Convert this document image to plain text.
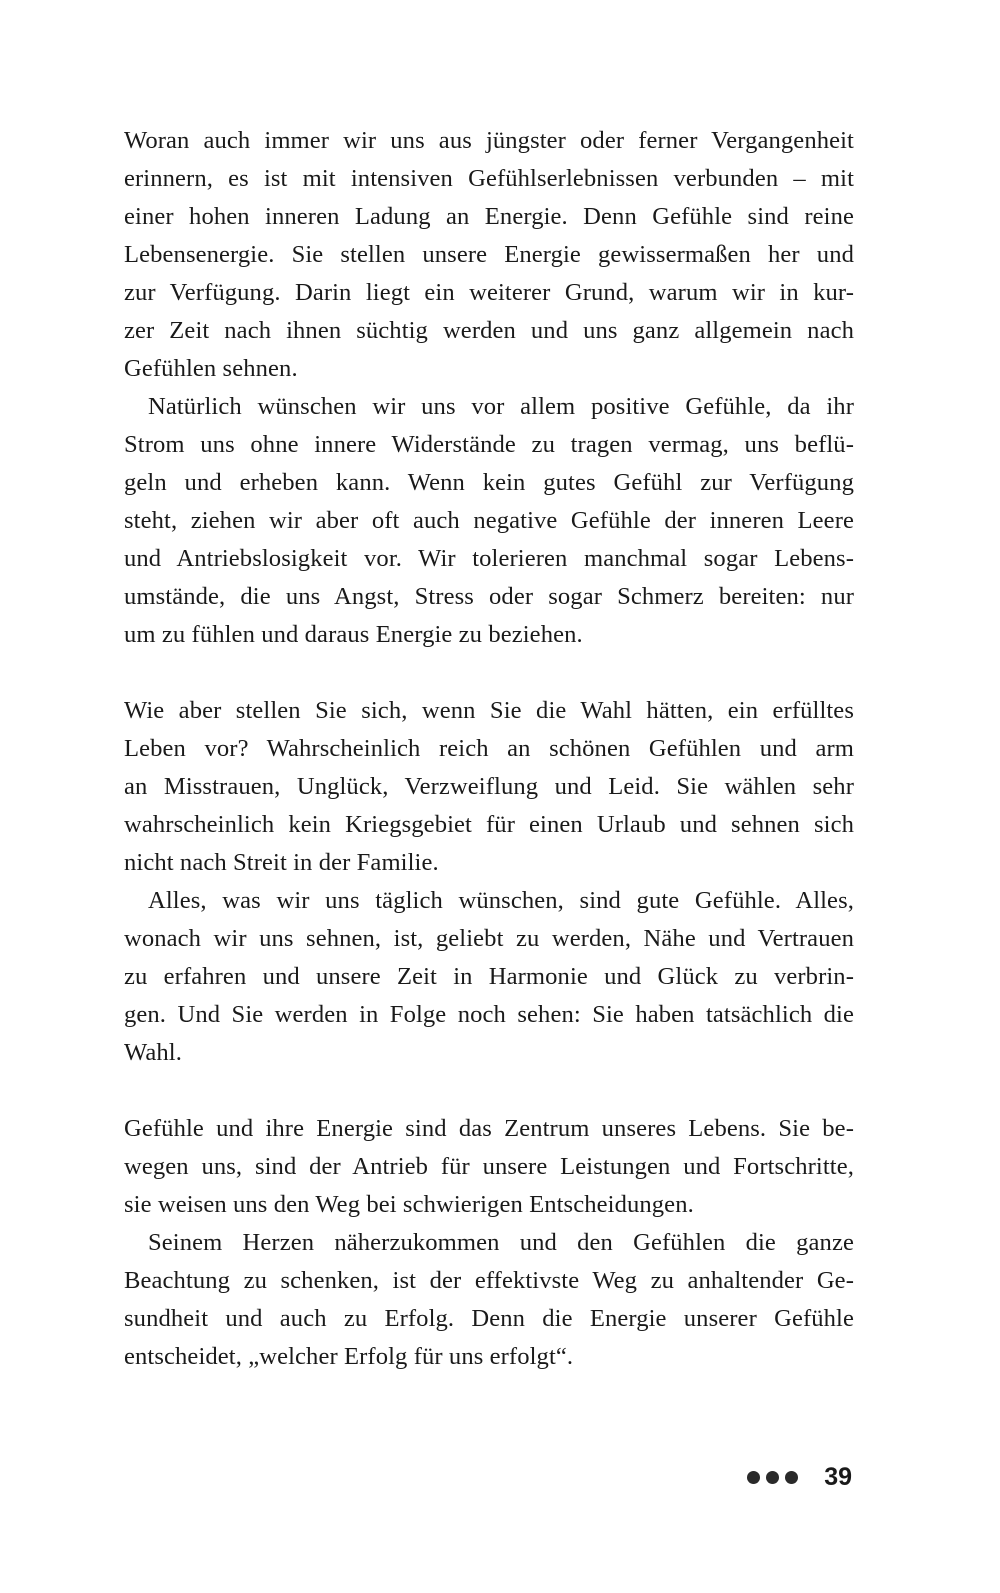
Woran auch immer wir uns aus jüngster oder ferner Vergangenheit
erinnern, es ist mit intensiven Gefühlserlebnissen verbunden – mit
einer hohen inneren Ladung an Energie. Denn Gefühle sind reine
Lebensenergie. Sie stellen unsere Energie gewissermaßen her und
zur Verfügung. Darin liegt ein weiterer Grund, warum wir in kur-
zer Zeit nach ihnen süchtig werden und uns ganz allgemein nach
Gefühlen sehnen.
Natürlich wünschen wir uns vor allem positive Gefühle, da ihr
Strom uns ohne innere Widerstände zu tragen vermag, uns beflü-
geln und erheben kann. Wenn kein gutes Gefühl zur Verfügung
steht, ziehen wir aber oft auch negative Gefühle der inneren Leere
und Antriebslosigkeit vor. Wir tolerieren manchmal sogar Lebens-
umstände, die uns Angst, Stress oder sogar Schmerz bereiten: nur
um zu fühlen und daraus Energie zu beziehen.
Wie aber stellen Sie sich, wenn Sie die Wahl hätten, ein erfülltes
Leben vor? Wahrscheinlich reich an schönen Gefühlen und arm
an Misstrauen, Unglück, Verzweiflung und Leid. Sie wählen sehr
wahrscheinlich kein Kriegsgebiet für einen Urlaub und sehnen sich
nicht nach Streit in der Familie.
Alles, was wir uns täglich wünschen, sind gute Gefühle. Alles,
wonach wir uns sehnen, ist, geliebt zu werden, Nähe und Vertrauen
zu erfahren und unsere Zeit in Harmonie und Glück zu verbrin-
gen. Und Sie werden in Folge noch sehen: Sie haben tatsächlich die
Wahl.
Gefühle und ihre Energie sind das Zentrum unseres Lebens. Sie be-
wegen uns, sind der Antrieb für unsere Leistungen und Fortschritte,
sie weisen uns den Weg bei schwierigen Entscheidungen.
Seinem Herzen näherzukommen und den Gefühlen die ganze
Beachtung zu schenken, ist der effektivste Weg zu anhaltender Ge-
sundheit und auch zu Erfolg. Denn die Energie unserer Gefühle
entscheidet, „welcher Erfolg für uns erfolgt“.
39
